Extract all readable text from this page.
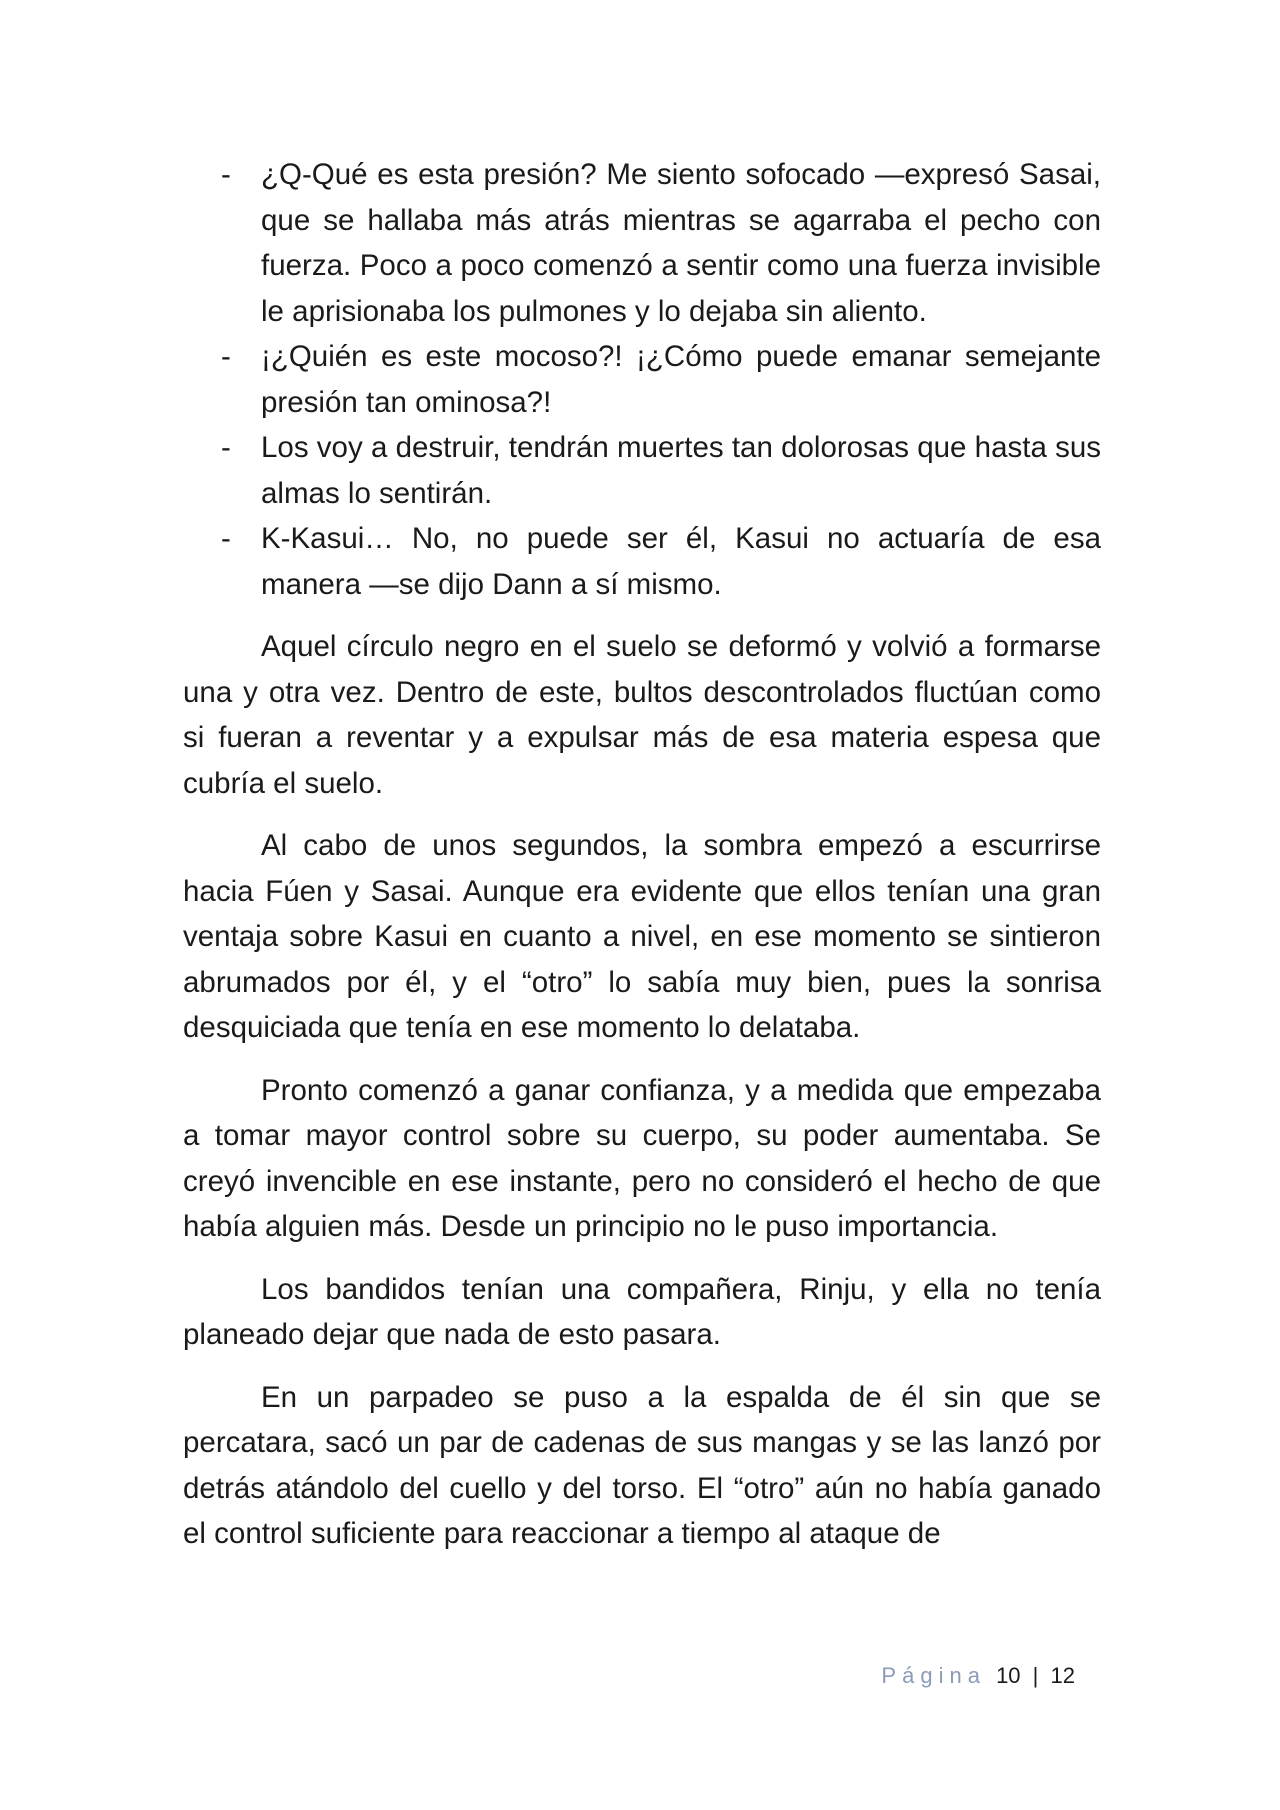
- ¿Q-Qué es esta presión? Me siento sofocado —expresó Sasai, que se hallaba más atrás mientras se agarraba el pecho con fuerza. Poco a poco comenzó a sentir como una fuerza invisible le aprisionaba los pulmones y lo dejaba sin aliento.
- ¡¿Quién es este mocoso?! ¡¿Cómo puede emanar semejante presión tan ominosa?!
- Los voy a destruir, tendrán muertes tan dolorosas que hasta sus almas lo sentirán.
- K-Kasui… No, no puede ser él, Kasui no actuaría de esa manera —se dijo Dann a sí mismo.

Aquel círculo negro en el suelo se deformó y volvió a formarse una y otra vez. Dentro de este, bultos descontrolados fluctúan como si fueran a reventar y a expulsar más de esa materia espesa que cubría el suelo.

Al cabo de unos segundos, la sombra empezó a escurrirse hacia Fúen y Sasai. Aunque era evidente que ellos tenían una gran ventaja sobre Kasui en cuanto a nivel, en ese momento se sintieron abrumados por él, y el “otro” lo sabía muy bien, pues la sonrisa desquiciada que tenía en ese momento lo delataba.

Pronto comenzó a ganar confianza, y a medida que empezaba a tomar mayor control sobre su cuerpo, su poder aumentaba. Se creyó invencible en ese instante, pero no consideró el hecho de que había alguien más. Desde un principio no le puso importancia.

Los bandidos tenían una compañera, Rinju, y ella no tenía planeado dejar que nada de esto pasara.

En un parpadeo se puso a la espalda de él sin que se percatara, sacó un par de cadenas de sus mangas y se las lanzó por detrás atándolo del cuello y del torso. El “otro” aún no había ganado el control suficiente para reaccionar a tiempo al ataque de

Página 10 | 12
